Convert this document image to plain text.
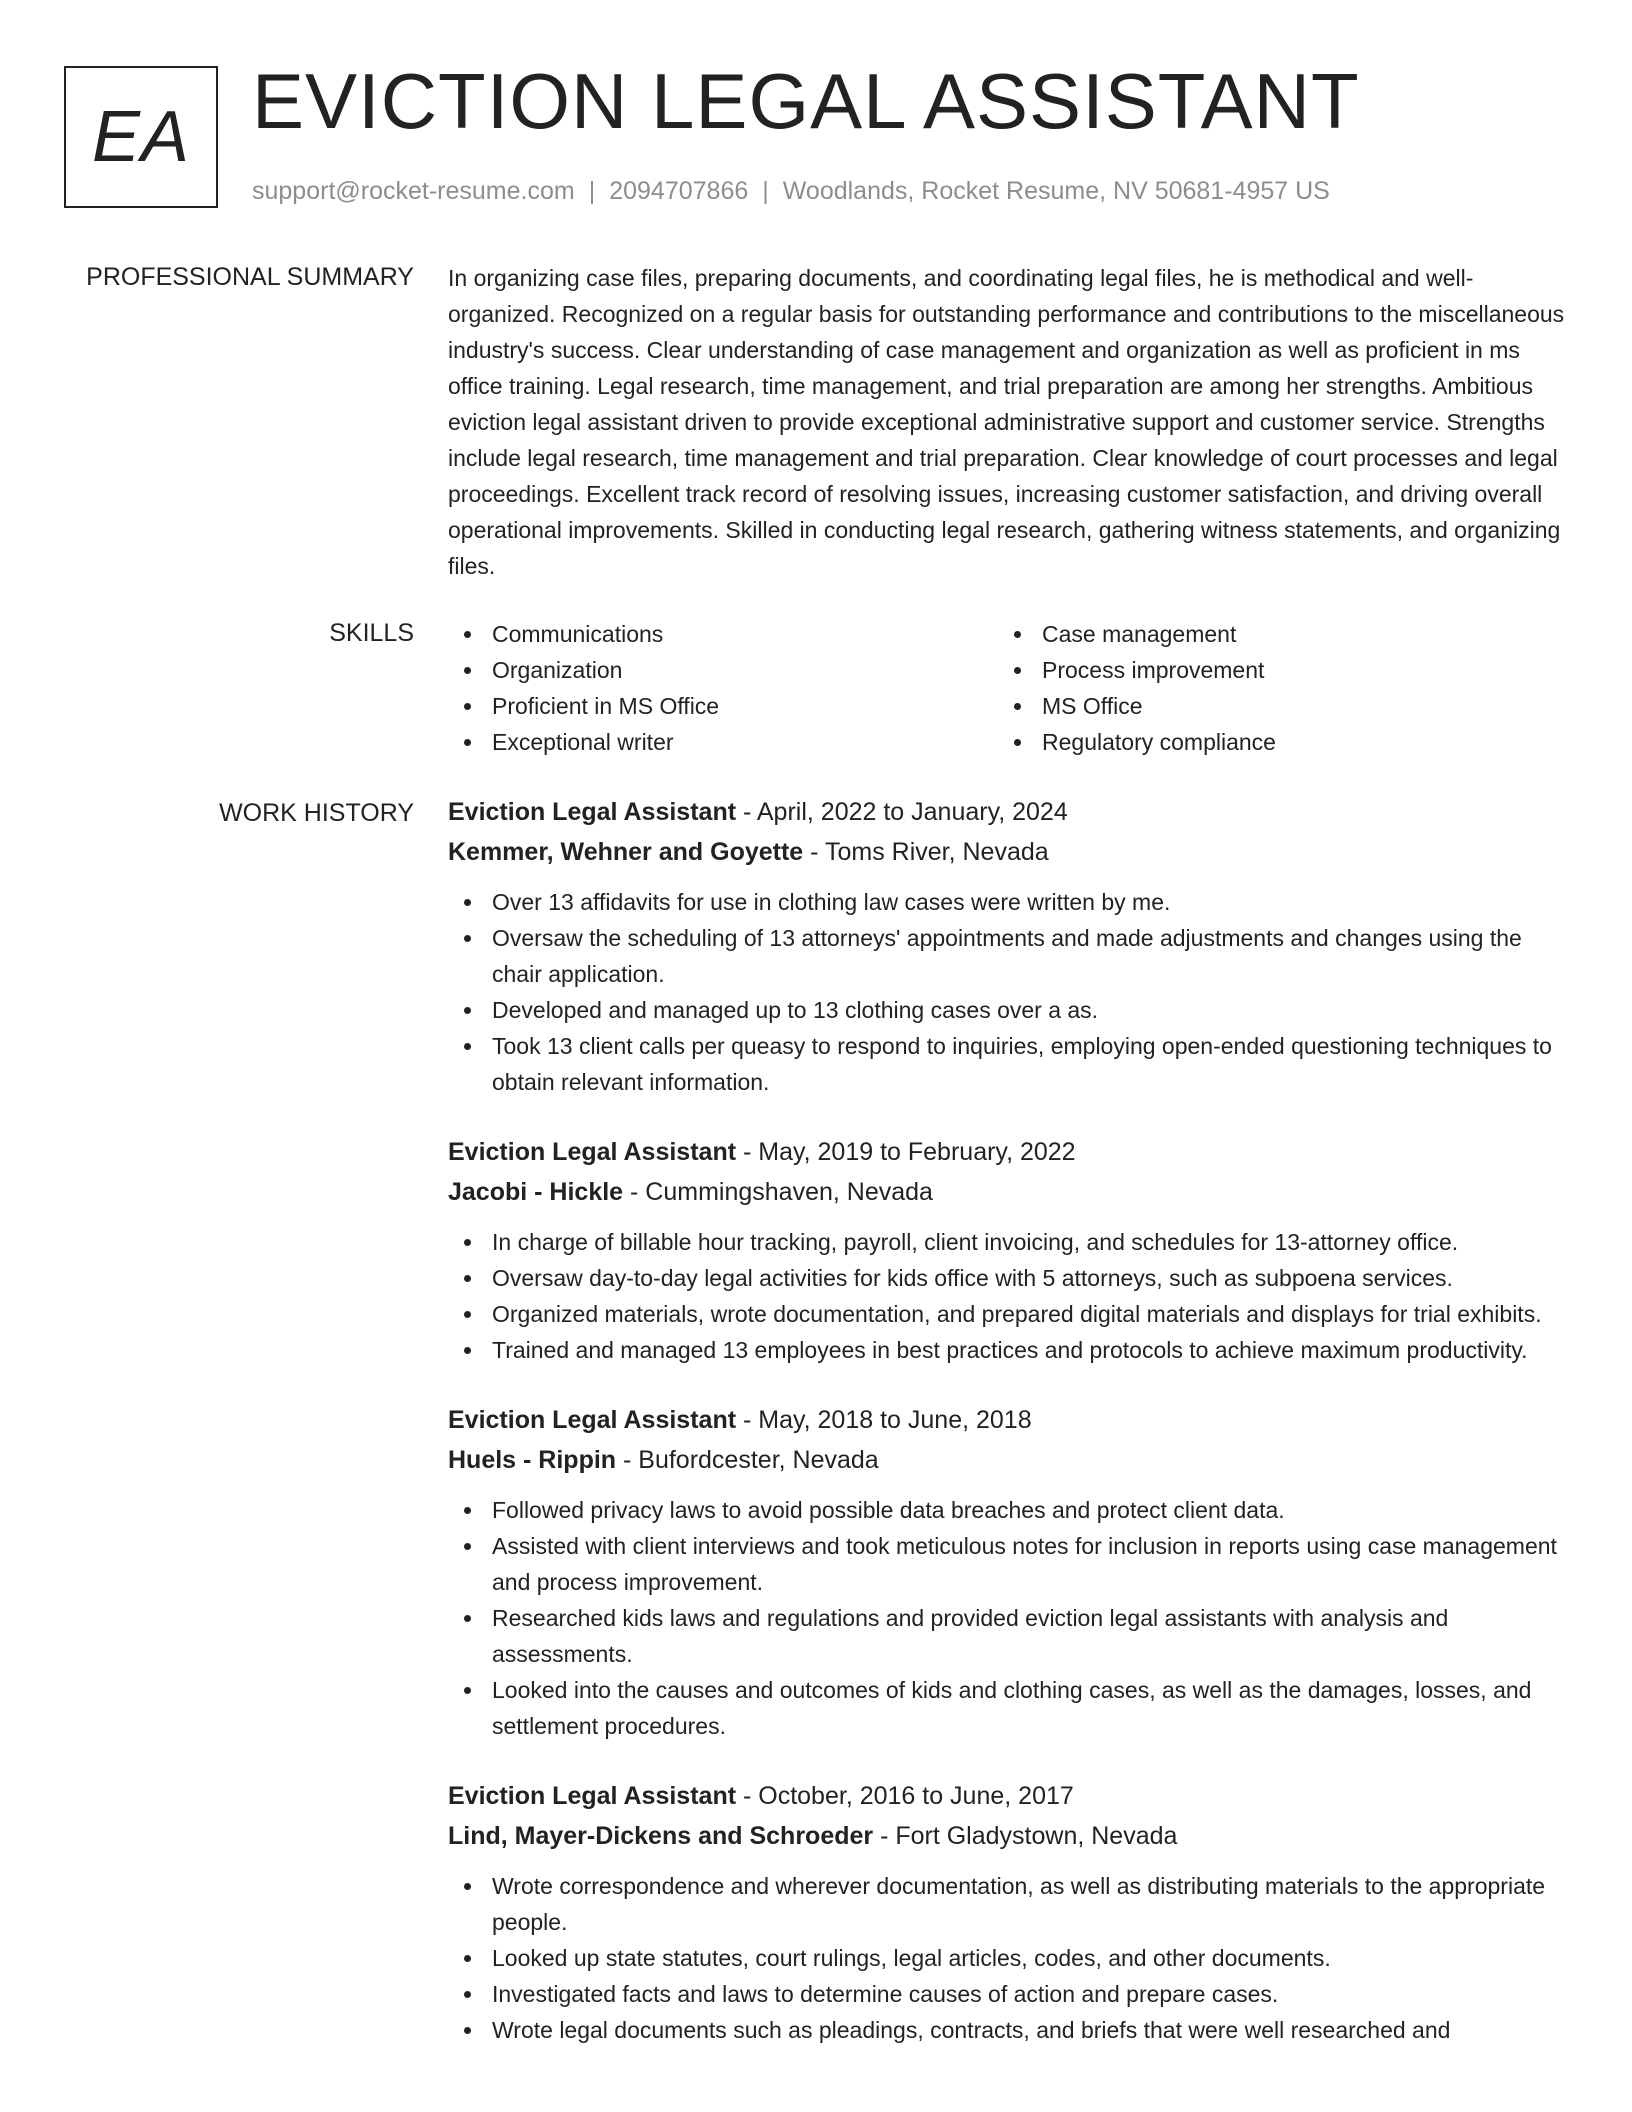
EA EVICTION LEGAL ASSISTANT
support@rocket-resume.com | 2094707866 | Woodlands, Rocket Resume, NV 50681-4957 US
PROFESSIONAL SUMMARY In organizing case files, preparing documents, and coordinating legal files, he is methodical and well-organized. Recognized on a regular basis for outstanding performance and contributions to the miscellaneous industry's success. Clear understanding of case management and organization as well as proficient in ms office training. Legal research, time management, and trial preparation are among her strengths. Ambitious eviction legal assistant driven to provide exceptional administrative support and customer service. Strengths include legal research, time management and trial preparation. Clear knowledge of court processes and legal proceedings. Excellent track record of resolving issues, increasing customer satisfaction, and driving overall operational improvements. Skilled in conducting legal research, gathering witness statements, and organizing files.

SKILLS	Communications
Organization
Proficient in MS Office
Exceptional writer
Case management
Process improvement
MS Office
Regulatory compliance
WORK HISTORY Eviction Legal Assistant - April, 2022 to January, 2024
Kemmer, Wehner and Goyette - Toms River, Nevada
Over 13 affidavits for use in clothing law cases were written by me.
Oversaw the scheduling of 13 attorneys' appointments and made adjustments and changes using the chair application.
Developed and managed up to 13 clothing cases over a as.
Took 13 client calls per queasy to respond to inquiries, employing open-ended questioning techniques to obtain relevant information.
Eviction Legal Assistant - May, 2019 to February, 2022
Jacobi - Hickle - Cummingshaven, Nevada
In charge of billable hour tracking, payroll, client invoicing, and schedules for 13-attorney office.
Oversaw day-to-day legal activities for kids office with 5 attorneys, such as subpoena services.
Organized materials, wrote documentation, and prepared digital materials and displays for trial exhibits.
Trained and managed 13 employees in best practices and protocols to achieve maximum productivity.
Eviction Legal Assistant - May, 2018 to June, 2018
Huels - Rippin - Bufordcester, Nevada
Followed privacy laws to avoid possible data breaches and protect client data.
Assisted with client interviews and took meticulous notes for inclusion in reports using case management and process improvement.
Researched kids laws and regulations and provided eviction legal assistants with analysis and assessments.
Looked into the causes and outcomes of kids and clothing cases, as well as the damages, losses, and settlement procedures.
Eviction Legal Assistant - October, 2016 to June, 2017
Lind, Mayer-Dickens and Schroeder - Fort Gladystown, Nevada
Wrote correspondence and wherever documentation, as well as distributing materials to the appropriate people.
Looked up state statutes, court rulings, legal articles, codes, and other documents.
Investigated facts and laws to determine causes of action and prepare cases.
Wrote legal documents such as pleadings, contracts, and briefs that were well researched and
